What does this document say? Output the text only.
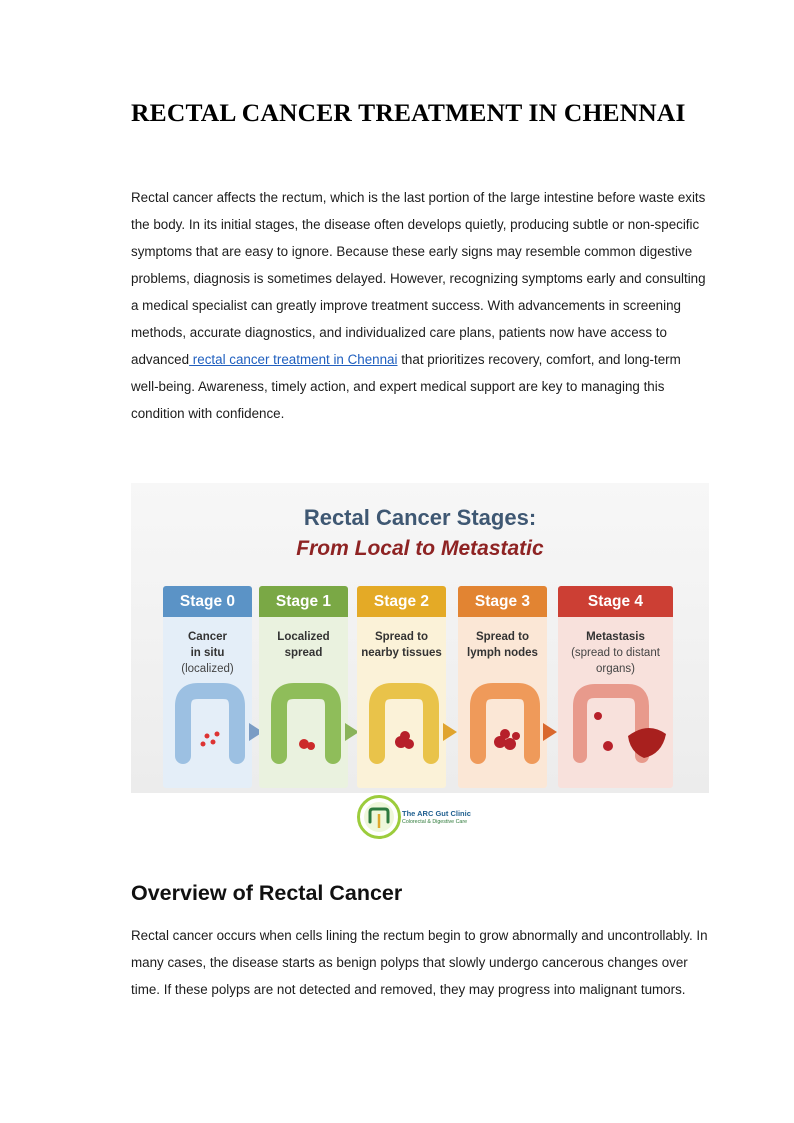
RECTAL CANCER TREATMENT IN CHENNAI

Rectal cancer affects the rectum, which is the last portion of the large intestine before waste exits the body. In its initial stages, the disease often develops quietly, producing subtle or non-specific symptoms that are easy to ignore. Because these early signs may resemble common digestive problems, diagnosis is sometimes delayed. However, recognizing symptoms early and consulting a medical specialist can greatly improve treatment success. With advancements in screening methods, accurate diagnostics, and individualized care plans, patients now have access to advanced rectal cancer treatment in Chennai that prioritizes recovery, comfort, and long-term well-being. Awareness, timely action, and expert medical support are key to managing this condition with confidence.

Rectal Cancer Stages:
From Local to Metastatic
Stage 0
Cancer
in situ
(localized)
Stage 1
Localized
spread
Stage 2
Spread to
nearby tissues
Stage 3
Spread to
lymph nodes
Stage 4
Metastasis
(spread to distant organs)
The ARC Gut Clinic
Colorectal & Digestive Care
Overview of Rectal Cancer

Rectal cancer occurs when cells lining the rectum begin to grow abnormally and uncontrollably. In many cases, the disease starts as benign polyps that slowly undergo cancerous changes over time. If these polyps are not detected and removed, they may progress into malignant tumors.
